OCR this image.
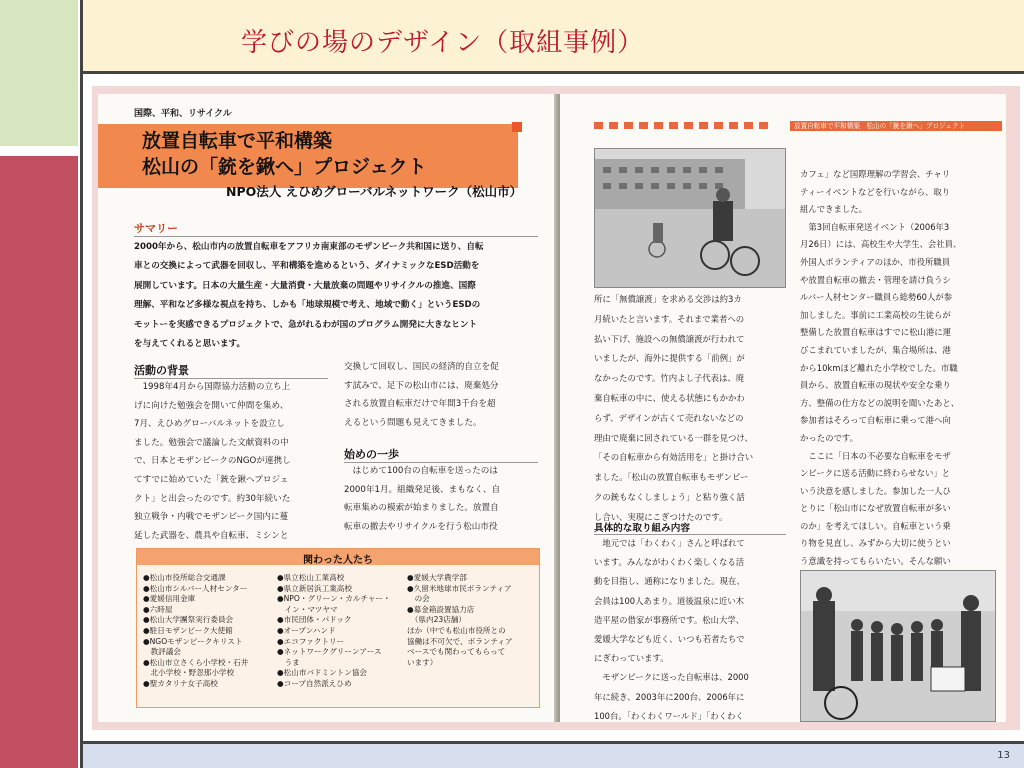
学びの場のデザイン（取組事例）
国際、平和、リサイクル
放置自転車で平和構築
松山の「銃を鍬へ」プロジェクト
NPO法人 えひめグローバルネットワーク（松山市）
サマリー
2000年から、松山市内の放置自転車をアフリカ南東部のモザンビーク共和国に送り、自転
車との交換によって武器を回収し、平和構築を進めるという、ダイナミックなESD活動を
展開しています。日本の大量生産・大量消費・大量放棄の問題やリサイクルの推進、国際
理解、平和など多様な視点を持ち、しかも「地球規模で考え、地域で動く」というESDの
モットーを実感できるプロジェクトで、急がれるわが国のプログラム開発に大きなヒント
を与えてくれると思います。
活動の背景
　1998年4月から国際協力活動の立ち上
げに向けた勉強会を開いて仲間を集め、
7月、えひめグローバルネットを設立し
ました。勉強会で議論した文献資料の中
で、日本とモザンビークのNGOが連携し
てすでに始めていた「銃を鍬へプロジェ
クト」と出会ったのです。約30年続いた
独立戦争・内戦でモザンビーク国内に蔓
延した武器を、農具や自転車、ミシンと
交換して回収し、国民の経済的自立を促
す試みで、足下の松山市には、廃棄処分
される放置自転車だけで年間3千台を超
えるという問題も見えてきました。
始めの一歩
　はじめて100台の自転車を送ったのは
2000年1月。組織発足後、まもなく、自
転車集めの模索が始まりました。放置自
転車の撤去やリサイクルを行う松山市役
関わった人たち
●松山市役所総合交通課
●松山市シルバー人材センター
●愛媛信用金庫
●六時屋
●松山大学團祭実行委員会
●駐日モザンビーク大使館
●NGOモザンビークキリスト
　教評議会
●松山市立さくら小学校・石井
　北小学校・野忽那小学校
●聖カタリナ女子高校
●県立松山工業高校
●県立新居浜工業高校
●NPO・グリーン・カルチャー・
　イン・マツヤマ
●市民団体・パドック
●オープンハンド
●エコファクトリー
●ネットワークグリーンアース
　うま
●松山市バドミントン協会
●コープ自然派えひめ
●愛媛大学農学部
●久留米地球市民ボランティア
　の会
●募金箱設置協力店
　（県内23店舗）
ほか（中でも松山市役所との
協働は不可欠で、ボランティア
ベースでも関わってもらって
います）
放置自転車で平和構築　松山の「銃を鍬へ」プロジェクト
所に「無償譲渡」を求める交渉は約3カ
月続いたと言います。それまで業者への
払い下げ、施設への無償譲渡が行われて
いましたが、海外に提供する「前例」が
なかったのです。竹内よし子代表は、廃
棄自転車の中に、使える状態にもかかわ
らず、デザインが古くて売れないなどの
理由で廃棄に回されている一群を見つけ、
「その自転車から有効活用を」と掛け合い
ました。「松山の放置自転車もモザンビー
クの銃もなくしましょう」と粘り強く話
し合い、実現にこぎつけたのです。
具体的な取り組み内容
　地元では「わくわく」さんと呼ばれて
います。みんながわくわく楽しくなる活
動を目指し、通称になりました。現在、
会員は100人あまり。道後温泉に近い木
造平屋の借家が事務所です。松山大学、
愛媛大学なども近く、いつも若者たちで
にぎわっています。
　モザンビークに送った自転車は、2000
年に続き、2003年に200台、2006年に
100台。「わくわくワールド」「わくわく
カフェ」など国際理解の学習会、チャリ
ティーイベントなどを行いながら、取り
組んできました。
　第3回自転車発送イベント（2006年3
月26日）には、高校生や大学生、会社員、
外国人ボランティアのほか、市役所職員
や放置自転車の撤去・管理を請け負うシ
ルバー人材センター職員ら総勢60人が参
加しました。事前に工業高校の生徒らが
整備した放置自転車はすでに松山港に運
びこまれていましたが、集合場所は、港
から10kmほど離れた小学校でした。市職
員から、放置自転車の現状や安全な乗り
方、整備の仕方などの説明を聞いたあと、
参加者はそろって自転車に乗って港へ向
かったのです。
　ここに「日本の不必要な自転車をモザ
ンビークに送る活動に終わらせない」と
いう決意を感しました。参加した一人ひ
とりに「松山市になぜ放置自転車が多い
のか」を考えてほしい。自転車という乗
り物を見直し、みずから大切に使うとい
う意識を持ってもらいたい。そんな願い
13
